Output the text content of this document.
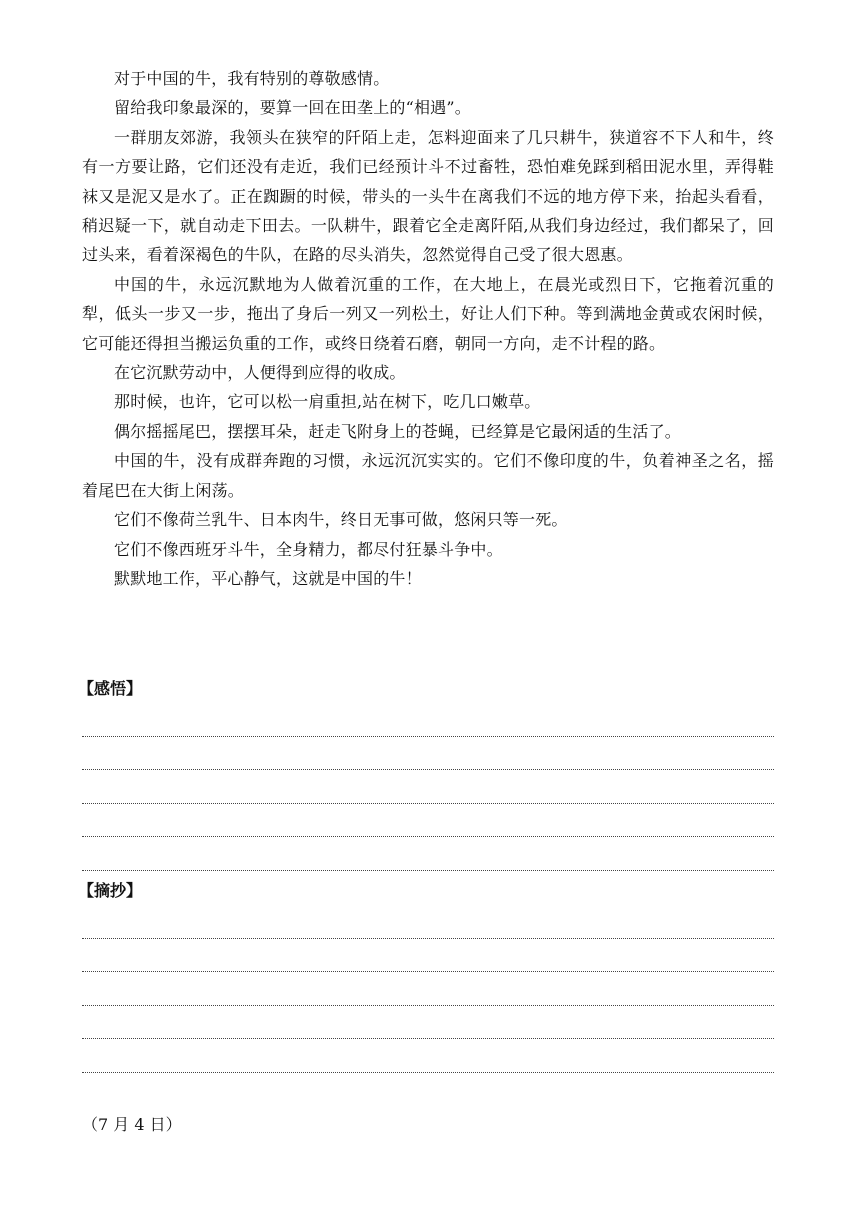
对于中国的牛，我有特别的尊敬感情。

留给我印象最深的，要算一回在田垄上的“相遇”。

一群朋友郊游，我领头在狭窄的阡陌上走，怎料迎面来了几只耕牛，狭道容不下人和牛，终有一方要让路，它们还没有走近，我们已经预计斗不过畜牲，恐怕难免踩到稻田泥水里，弄得鞋袜又是泥又是水了。正在踟蹰的时候，带头的一头牛在离我们不远的地方停下来，抬起头看看，稍迟疑一下，就自动走下田去。一队耕牛，跟着它全走离阡陌,从我们身边经过，我们都呆了，回过头来，看着深褐色的牛队，在路的尽头消失，忽然觉得自己受了很大恩惠。

中国的牛，永远沉默地为人做着沉重的工作，在大地上，在晨光或烈日下，它拖着沉重的犁，低头一步又一步，拖出了身后一列又一列松土，好让人们下种。等到满地金黄或农闲时候，它可能还得担当搬运负重的工作，或终日绕着石磨，朝同一方向，走不计程的路。

在它沉默劳动中，人便得到应得的收成。

那时候，也许，它可以松一肩重担,站在树下，吃几口嫩草。

偶尔摇摇尾巴，摆摆耳朵，赶走飞附身上的苍蝇，已经算是它最闲适的生活了。

中国的牛，没有成群奔跑的习惯，永远沉沉实实的。它们不像印度的牛，负着神圣之名，摇着尾巴在大街上闲荡。

它们不像荷兰乳牛、日本肉牛，终日无事可做，悠闲只等一死。

它们不像西班牙斗牛，全身精力，都尽付狂暴斗争中。

默默地工作，平心静气，这就是中国的牛！

【感悟】
【摘抄】
（7 月 4 日）
